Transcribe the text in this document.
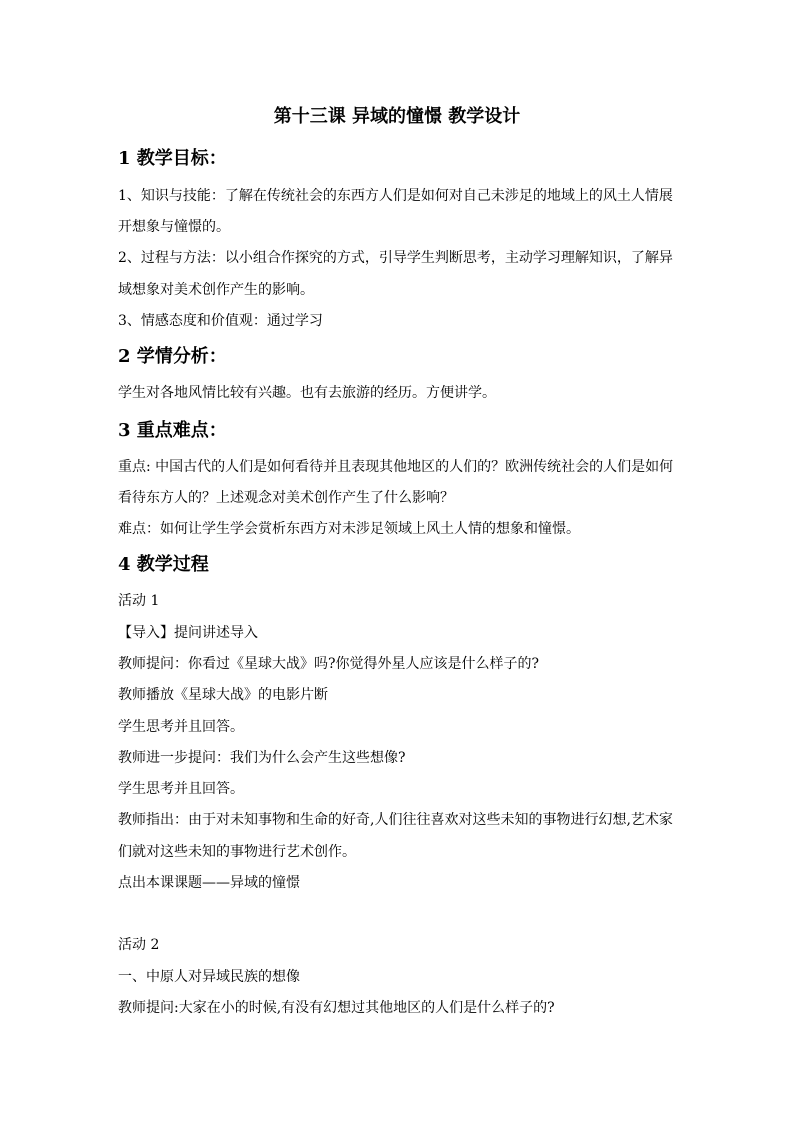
第十三课 异域的憧憬 教学设计
1 教学目标：
1、知识与技能：了解在传统社会的东西方人们是如何对自己未涉足的地域上的风土人情展
开想象与憧憬的。
2、过程与方法：以小组合作探究的方式，引导学生判断思考，主动学习理解知识，了解异
域想象对美术创作产生的影响。
3、情感态度和价值观：通过学习
2 学情分析：
学生对各地风情比较有兴趣。也有去旅游的经历。方便讲学。
3 重点难点：
重点: 中国古代的人们是如何看待并且表现其他地区的人们的？欧洲传统社会的人们是如何
看待东方人的？上述观念对美术创作产生了什么影响？
难点：如何让学生学会赏析东西方对未涉足领域上风土人情的想象和憧憬。
4 教学过程
活动 1
【导入】提问讲述导入
教师提问：你看过《星球大战》吗?你觉得外星人应该是什么样子的?
教师播放《星球大战》的电影片断
学生思考并且回答。
教师进一步提问：我们为什么会产生这些想像?
学生思考并且回答。
教师指出：由于对未知事物和生命的好奇,人们往往喜欢对这些未知的事物进行幻想,艺术家
们就对这些未知的事物进行艺术创作。
点出本课课题——异域的憧憬
活动 2
一、中原人对异域民族的想像
教师提问:大家在小的时候,有没有幻想过其他地区的人们是什么样子的?
